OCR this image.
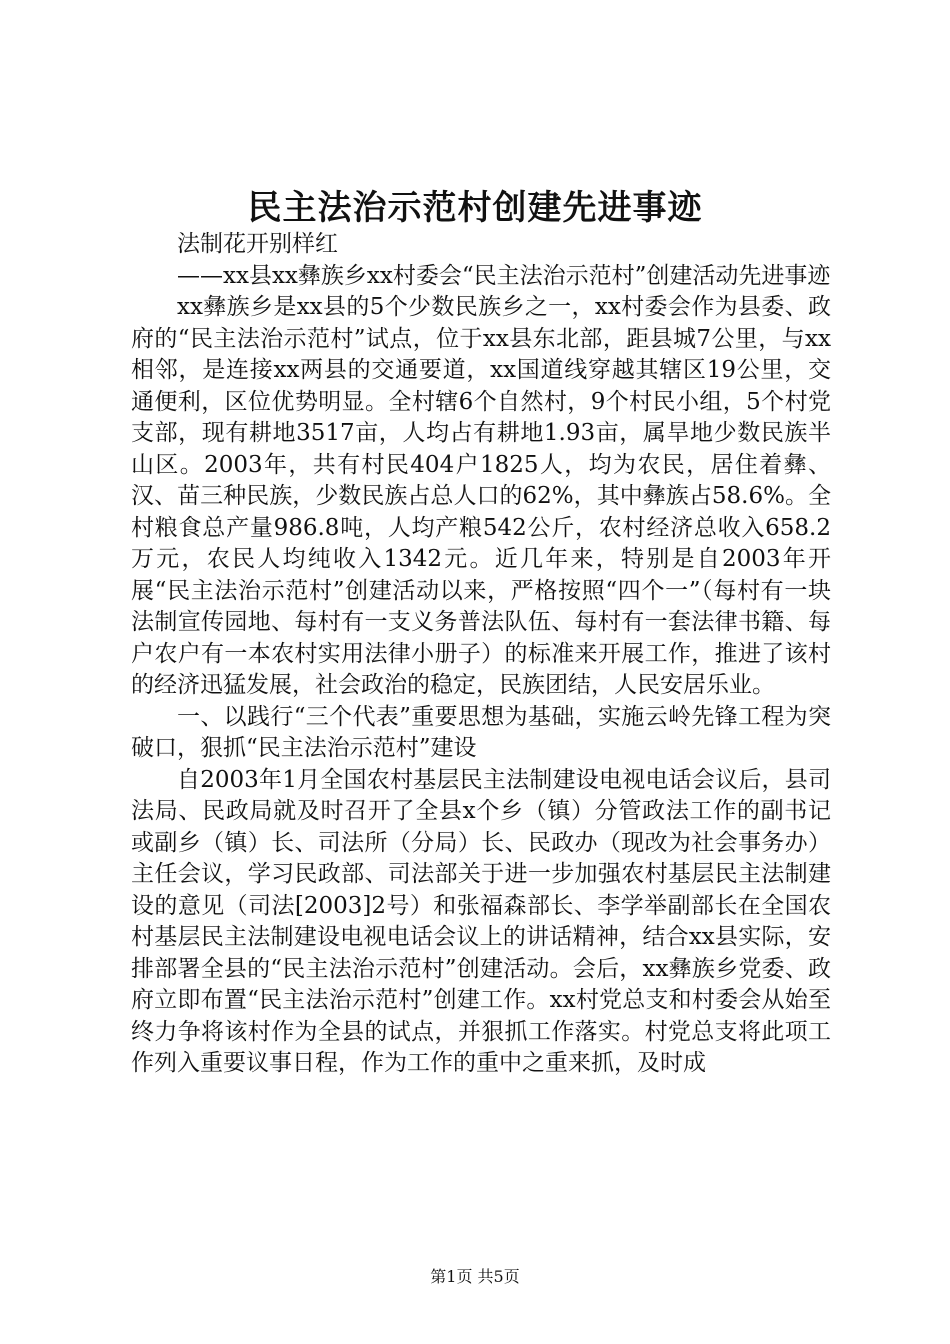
民主法治示范村创建先进事迹

法制花开别样红

——xx县xx彝族乡xx村委会“民主法治示范村”创建活动先进事迹

xx彝族乡是xx县的5个少数民族乡之一，xx村委会作为县委、政府的“民主法治示范村”试点，位于xx县东北部，距县城7公里，与xx相邻，是连接xx两县的交通要道，xx国道线穿越其辖区19公里，交通便利，区位优势明显。全村辖6个自然村，9个村民小组，5个村党支部，现有耕地3517亩，人均占有耕地1.93亩，属旱地少数民族半山区。2003年，共有村民404户1825人，均为农民，居住着彝、汉、苗三种民族，少数民族占总人口的62%，其中彝族占58.6%。全村粮食总产量986.8吨，人均产粮542公斤，农村经济总收入658.2万元，农民人均纯收入1342元。近几年来，特别是自2003年开展“民主法治示范村”创建活动以来，严格按照“四个一”（每村有一块法制宣传园地、每村有一支义务普法队伍、每村有一套法律书籍、每户农户有一本农村实用法律小册子）的标准来开展工作，推进了该村的经济迅猛发展，社会政治的稳定，民族团结，人民安居乐业。

一、以践行“三个代表”重要思想为基础，实施云岭先锋工程为突破口，狠抓“民主法治示范村”建设

自2003年1月全国农村基层民主法制建设电视电话会议后，县司法局、民政局就及时召开了全县x个乡（镇）分管政法工作的副书记或副乡（镇）长、司法所（分局）长、民政办（现改为社会事务办）主任会议，学习民政部、司法部关于进一步加强农村基层民主法制建设的意见（司法[2003]2号）和张福森部长、李学举副部长在全国农村基层民主法制建设电视电话会议上的讲话精神，结合xx县实际，安排部署全县的“民主法治示范村”创建活动。会后，xx彝族乡党委、政府立即布置“民主法治示范村”创建工作。xx村党总支和村委会从始至终力争将该村作为全县的试点，并狠抓工作落实。村党总支将此项工作列入重要议事日程，作为工作的重中之重来抓，及时成

第1页 共5页
